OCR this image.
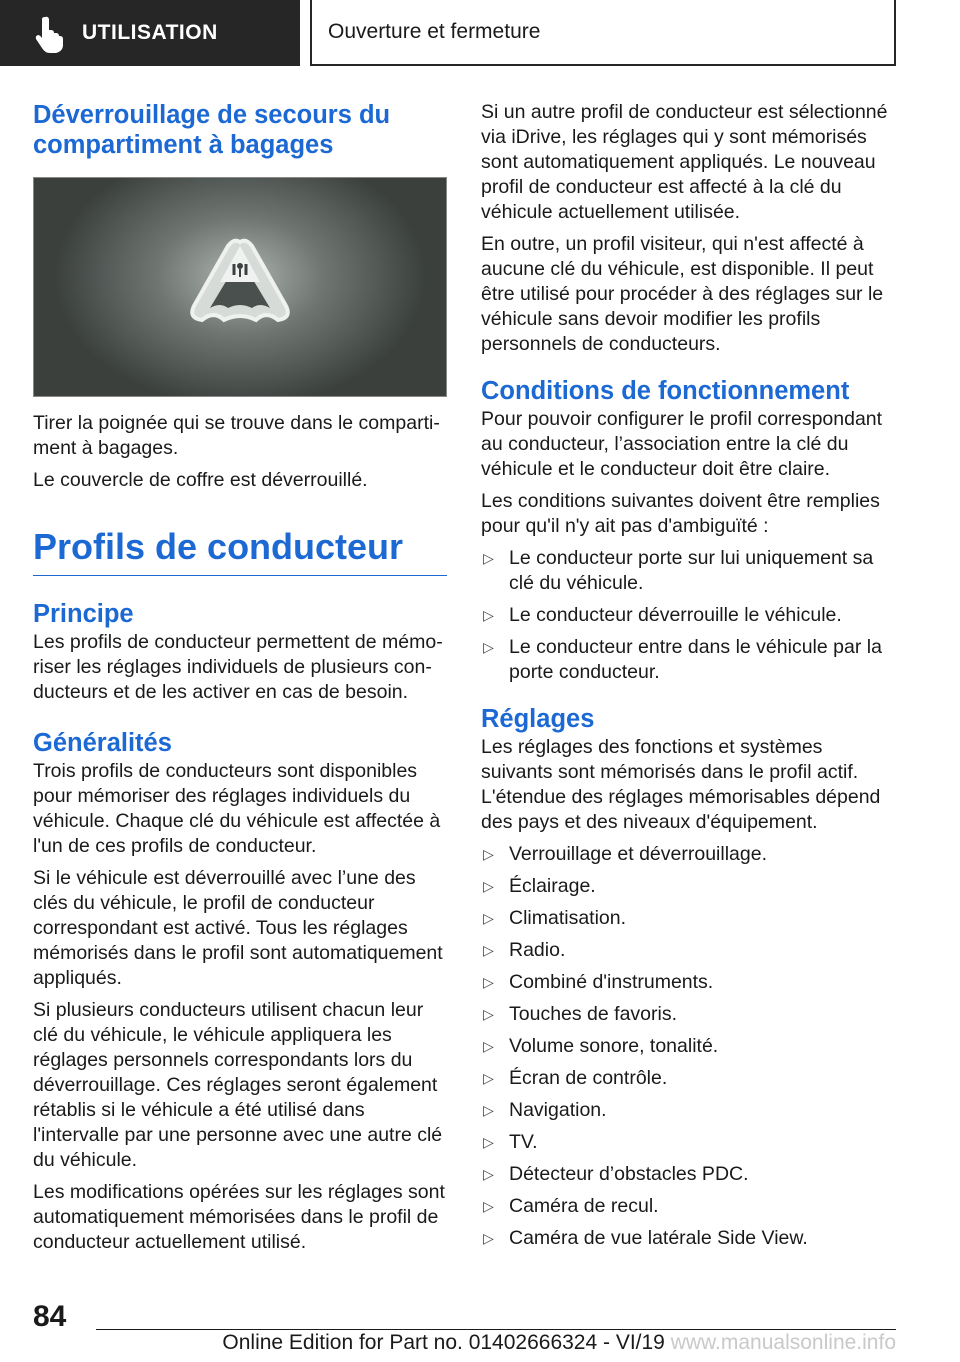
UTILISATION	Ouverture et fermeture
Déverrouillage de secours du compartiment à bagages

Tirer la poignée qui se trouve dans le compartiment à bagages.

Le couvercle de coffre est déverrouillé.

Profils de conducteur
Principe

Les profils de conducteur permettent de mémoriser les réglages individuels de plusieurs conducteurs et de les activer en cas de besoin.

Généralités

Trois profils de conducteurs sont disponibles pour mémoriser des réglages individuels du véhicule. Chaque clé du véhicule est affectée à l'un de ces profils de conducteur.

Si le véhicule est déverrouillé avec l’une des clés du véhicule, le profil de conducteur correspondant est activé. Tous les réglages mémorisés dans le profil sont automatiquement appliqués.

Si plusieurs conducteurs utilisent chacun leur clé du véhicule, le véhicule appliquera les réglages personnels correspondants lors du déverrouillage. Ces réglages seront également rétablis si le véhicule a été utilisé dans l'intervalle par une personne avec une autre clé du véhicule.

Les modifications opérées sur les réglages sont automatiquement mémorisées dans le profil de conducteur actuellement utilisé.

Si un autre profil de conducteur est sélectionné via iDrive, les réglages qui y sont mémorisés sont automatiquement appliqués. Le nouveau profil de conducteur est affecté à la clé du véhicule actuellement utilisée.

En outre, un profil visiteur, qui n'est affecté à aucune clé du véhicule, est disponible. Il peut être utilisé pour procéder à des réglages sur le véhicule sans devoir modifier les profils personnels de conducteurs.

Conditions de fonctionnement

Pour pouvoir configurer le profil correspondant au conducteur, l’association entre la clé du véhicule et le conducteur doit être claire.

Les conditions suivantes doivent être remplies pour qu'il n'y ait pas d'ambiguïté :

▷ Le conducteur porte sur lui uniquement sa clé du véhicule.
▷ Le conducteur déverrouille le véhicule.
▷ Le conducteur entre dans le véhicule par la porte conducteur.
Réglages

Les réglages des fonctions et systèmes suivants sont mémorisés dans le profil actif. L'étendue des réglages mémorisables dépend des pays et des niveaux d'équipement.

▷ Verrouillage et déverrouillage.
▷ Éclairage.
▷ Climatisation.
▷ Radio.
▷ Combiné d'instruments.
▷ Touches de favoris.
▷ Volume sonore, tonalité.
▷ Écran de contrôle.
▷ Navigation.
▷ TV.
▷ Détecteur d’obstacles PDC.
▷ Caméra de recul.
▷ Caméra de vue latérale Side View.
84
Online Edition for Part no. 01402666324 - VI/19 www.manualsonline.info
